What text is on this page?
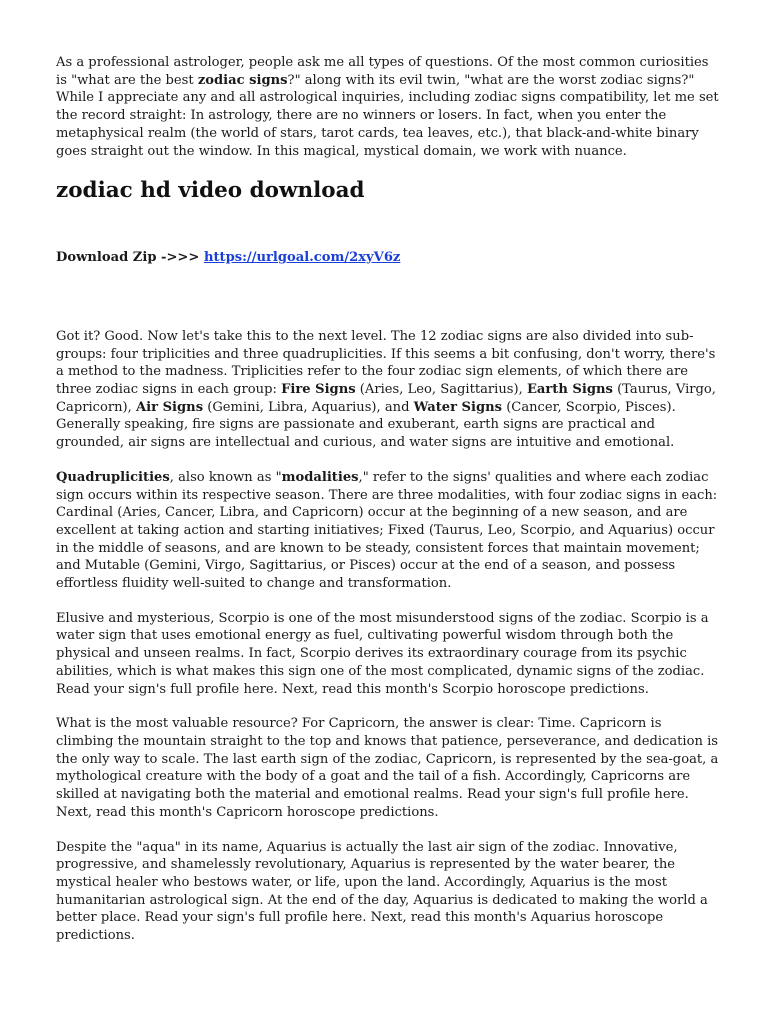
As a professional astrologer, people ask me all types of questions. Of the most common curiosities is "what are the best zodiac signs?" along with its evil twin, "what are the worst zodiac signs?" While I appreciate any and all astrological inquiries, including zodiac signs compatibility, let me set the record straight: In astrology, there are no winners or losers. In fact, when you enter the metaphysical realm (the world of stars, tarot cards, tea leaves, etc.), that black-and-white binary goes straight out the window. In this magical, mystical domain, we work with nuance.

zodiac hd video download

Download Zip ->>> https://urlgoal.com/2xyV6z

Got it? Good. Now let's take this to the next level. The 12 zodiac signs are also divided into sub-groups: four triplicities and three quadruplicities. If this seems a bit confusing, don't worry, there's a method to the madness. Triplicities refer to the four zodiac sign elements, of which there are three zodiac signs in each group: Fire Signs (Aries, Leo, Sagittarius), Earth Signs (Taurus, Virgo, Capricorn), Air Signs (Gemini, Libra, Aquarius), and Water Signs (Cancer, Scorpio, Pisces). Generally speaking, fire signs are passionate and exuberant, earth signs are practical and grounded, air signs are intellectual and curious, and water signs are intuitive and emotional.

Quadruplicities, also known as "modalities," refer to the signs' qualities and where each zodiac sign occurs within its respective season. There are three modalities, with four zodiac signs in each: Cardinal (Aries, Cancer, Libra, and Capricorn) occur at the beginning of a new season, and are excellent at taking action and starting initiatives; Fixed (Taurus, Leo, Scorpio, and Aquarius) occur in the middle of seasons, and are known to be steady, consistent forces that maintain movement; and Mutable (Gemini, Virgo, Sagittarius, or Pisces) occur at the end of a season, and possess effortless fluidity well-suited to change and transformation.

Elusive and mysterious, Scorpio is one of the most misunderstood signs of the zodiac. Scorpio is a water sign that uses emotional energy as fuel, cultivating powerful wisdom through both the physical and unseen realms. In fact, Scorpio derives its extraordinary courage from its psychic abilities, which is what makes this sign one of the most complicated, dynamic signs of the zodiac. Read your sign's full profile here. Next, read this month's Scorpio horoscope predictions.

What is the most valuable resource? For Capricorn, the answer is clear: Time. Capricorn is climbing the mountain straight to the top and knows that patience, perseverance, and dedication is the only way to scale. The last earth sign of the zodiac, Capricorn, is represented by the sea-goat, a mythological creature with the body of a goat and the tail of a fish. Accordingly, Capricorns are skilled at navigating both the material and emotional realms. Read your sign's full profile here. Next, read this month's Capricorn horoscope predictions.

Despite the "aqua" in its name, Aquarius is actually the last air sign of the zodiac. Innovative, progressive, and shamelessly revolutionary, Aquarius is represented by the water bearer, the mystical healer who bestows water, or life, upon the land. Accordingly, Aquarius is the most humanitarian astrological sign. At the end of the day, Aquarius is dedicated to making the world a better place. Read your sign's full profile here. Next, read this month's Aquarius horoscope predictions.
